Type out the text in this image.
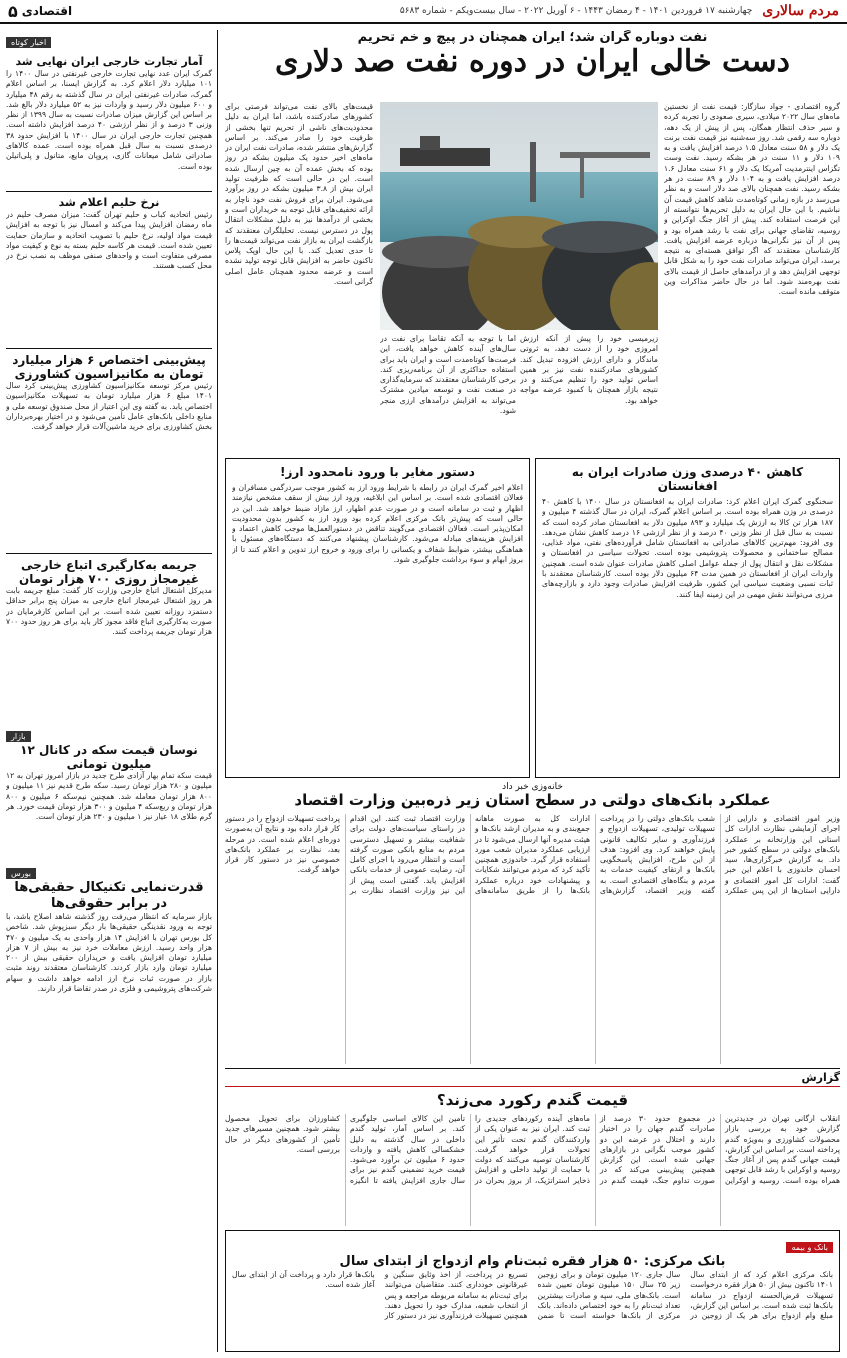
مردم سالاری
چهارشنبه ۱۷ فروردین ۱۴۰۱ - ۴ رمضان ۱۴۴۳ - ۶ آوریل ۲۰۲۲ - سال بیست‌ویکم - شماره ۵۶۸۳
اقتصادی
۵
اخبار کوتاه
آمار تجارت خارجی ایران نهایی شد
گمرک ایران عدد نهایی تجارت خارجی غیرنفتی در سال ۱۴۰۰ را ۱۰۱ میلیارد دلار اعلام کرد. به گزارش ایسنا، بر اساس اعلام گمرک، صادرات غیرنفتی ایران در سال گذشته به رقم ۴۸ میلیارد و ۶۰۰ میلیون دلار رسید و واردات نیز به ۵۲ میلیارد دلار بالغ شد. بر اساس این گزارش میزان صادرات نسبت به سال ۱۳۹۹ از نظر وزنی ۳ درصد و از نظر ارزشی ۴۰ درصد افزایش داشته است. همچنین تجارت خارجی ایران در سال ۱۴۰۰ با افزایش حدود ۳۸ درصدی نسبت به سال قبل همراه بوده است. عمده کالاهای صادراتی شامل میعانات گازی، پروپان مایع، متانول و پلی‌اتیلن بوده است.
نرخ حلیم اعلام شد
رئیس اتحادیه کباب و حلیم تهران گفت: میزان مصرف حلیم در ماه رمضان افزایش پیدا می‌کند و امسال نیز با توجه به افزایش قیمت مواد اولیه، نرخ حلیم با تصویب اتحادیه و سازمان حمایت تعیین شده است. قیمت هر کاسه حلیم بسته به نوع و کیفیت مواد مصرفی متفاوت است و واحدهای صنفی موظف به نصب نرخ در محل کسب هستند.
پیش‌بینی اختصاص ۶ هزار میلیارد تومان به مکانیزاسیون کشاورزی
رئیس مرکز توسعه مکانیزاسیون کشاورزی پیش‌بینی کرد سال ۱۴۰۱ مبلغ ۶ هزار میلیارد تومان به تسهیلات مکانیزاسیون اختصاص یابد. به گفته وی این اعتبار از محل صندوق توسعه ملی و منابع داخلی بانک‌های عامل تأمین می‌شود و در اختیار بهره‌برداران بخش کشاورزی برای خرید ماشین‌آلات قرار خواهد گرفت.
جریمه به‌کارگیری اتباع خارجی غیرمجاز روزی ۷۰۰ هزار تومان
مدیرکل اشتغال اتباع خارجی وزارت کار گفت: مبلغ جریمه بابت هر روز اشتغال غیرمجاز اتباع خارجی به میزان پنج برابر حداقل دستمزد روزانه تعیین شده است. بر این اساس کارفرمایان در صورت به‌کارگیری اتباع فاقد مجوز کار باید برای هر روز حدود ۷۰۰ هزار تومان جریمه پرداخت کنند.
بازار
نوسان قیمت سکه در کانال ۱۲ میلیون تومانی
قیمت سکه تمام بهار آزادی طرح جدید در بازار امروز تهران به ۱۲ میلیون و ۲۸۰ هزار تومان رسید. سکه طرح قدیم نیز ۱۱ میلیون و ۸۰۰ هزار تومان معامله شد. همچنین نیم‌سکه ۶ میلیون و ۸۰۰ هزار تومان و ربع‌سکه ۴ میلیون و ۳۰۰ هزار تومان قیمت خورد. هر گرم طلای ۱۸ عیار نیز ۱ میلیون و ۲۳۰ هزار تومان است.
بورس
قدرت‌نمایی تکنیکال حقیقی‌ها در برابر حقوقی‌ها
بازار سرمایه که انتظار می‌رفت روز گذشته شاهد اصلاح باشد، با توجه به ورود نقدینگی حقیقی‌ها بار دیگر سبزپوش شد. شاخص کل بورس تهران با افزایش ۱۴ هزار واحدی به یک میلیون و ۴۷۰ هزار واحد رسید. ارزش معاملات خرد نیز به بیش از ۷ هزار میلیارد تومان افزایش یافت و خریداران حقیقی بیش از ۲۰۰ میلیارد تومان وارد بازار کردند. کارشناسان معتقدند روند مثبت بازار در صورت ثبات نرخ ارز ادامه خواهد داشت و سهام شرکت‌های پتروشیمی و فلزی در صدر تقاضا قرار دارند.
نفت دوباره گران شد؛ ایران همچنان در پیچ و خم تحریم
دست خالی ایران در دوره نفت صد دلاری
گروه اقتصادی - جواد سازگار: قیمت نفت از نخستین ماه‌های سال ۲۰۲۲ میلادی، سیری صعودی را تجربه کرده و سیر حذف انتظار همگان، پس از پیش از یک دهه، دوباره سه رقمی شد. روز سه‌شنبه نیز قیمت نفت برنت یک دلار و ۵۸ سنت معادل ۱.۵ درصد افزایش یافت و به ۱۰۹ دلار و ۱۱ سنت در هر بشکه رسید. نفت وست تگزاس اینترمدیت آمریکا یک دلار و ۶۱ سنت معادل ۱.۶ درصد افزایش یافت و به ۱۰۴ دلار و ۸۹ سنت در هر بشکه رسید. نفت همچنان بالای صد دلار است و به نظر می‌رسد در بازه زمانی کوتاه‌مدت شاهد کاهش قیمت آن نباشیم. با این حال ایران به دلیل تحریم‌ها نتوانسته از این فرصت استفاده کند. پیش از آغاز جنگ اوکراین و روسیه، تقاضای جهانی برای نفت با رشد همراه بود و پس از آن نیز نگرانی‌ها درباره عرضه افزایش یافت. کارشناسان معتقدند که اگر توافق هسته‌ای به نتیجه برسد، ایران می‌تواند صادرات نفت خود را به شکل قابل توجهی افزایش دهد و از درآمدهای حاصل از قیمت بالای نفت بهره‌مند شود. اما در حال حاضر مذاکرات وین متوقف مانده است.
قیمت‌های بالای نفت می‌تواند فرصتی برای کشورهای صادرکننده باشد، اما ایران به دلیل محدودیت‌های ناشی از تحریم تنها بخشی از ظرفیت خود را صادر می‌کند. بر اساس گزارش‌های منتشر شده، صادرات نفت ایران در ماه‌های اخیر حدود یک میلیون بشکه در روز بوده که بخش عمده آن به چین ارسال شده است. این در حالی است که ظرفیت تولید ایران بیش از ۳.۸ میلیون بشکه در روز برآورد می‌شود. ایران برای فروش نفت خود ناچار به ارائه تخفیف‌های قابل توجه به خریداران است و بخشی از درآمدها نیز به دلیل مشکلات انتقال پول در دسترس نیست. تحلیلگران معتقدند که بازگشت ایران به بازار نفت می‌تواند قیمت‌ها را تا حدی تعدیل کند. با این حال اوپک پلاس تاکنون حاضر به افزایش قابل توجه تولید نشده است و عرضه محدود همچنان عامل اصلی گرانی است.
زیرمیسی خود را پیش از آنکه ارزش امروزی خود را از دست دهد، به ثروتی ماندگار و دارای ارزش افزوده تبدیل کند. کشورهای صادرکننده نفت نیز بر همین اساس تولید خود را تنظیم می‌کنند و در نتیجه بازار همچنان با کمبود عرضه مواجه خواهد بود.
اما با توجه به آنکه تقاضا برای نفت در سال‌های آینده کاهش خواهد یافت، این فرصت‌ها کوتاه‌مدت است و ایران باید برای استفاده حداکثری از آن برنامه‌ریزی کند. برخی کارشناسان معتقدند که سرمایه‌گذاری در صنعت نفت و توسعه میادین مشترک می‌تواند به افزایش درآمدهای ارزی منجر شود.
کاهش ۴۰ درصدی وزن صادرات ایران به افغانستان
سخنگوی گمرک ایران اعلام کرد: صادرات ایران به افغانستان در سال ۱۴۰۰ با کاهش ۴۰ درصدی در وزن همراه بوده است. بر اساس اعلام گمرک، ایران در سال گذشته ۴ میلیون و ۱۸۷ هزار تن کالا به ارزش یک میلیارد و ۸۹۳ میلیون دلار به افغانستان صادر کرده است که نسبت به سال قبل از نظر وزنی ۴۰ درصد و از نظر ارزشی ۱۶ درصد کاهش نشان می‌دهد. وی افزود: مهم‌ترین کالاهای صادراتی به افغانستان شامل فرآورده‌های نفتی، مواد غذایی، مصالح ساختمانی و محصولات پتروشیمی بوده است. تحولات سیاسی در افغانستان و مشکلات نقل و انتقال پول از جمله عوامل اصلی کاهش صادرات عنوان شده است. همچنین واردات ایران از افغانستان در همین مدت ۶۴ میلیون دلار بوده است. کارشناسان معتقدند با ثبات نسبی وضعیت سیاسی این کشور، ظرفیت افزایش صادرات وجود دارد و بازارچه‌های مرزی می‌توانند نقش مهمی در این زمینه ایفا کنند.
دستور مغایر با ورود نامحدود ارز!
اعلام اخیر گمرک ایران در رابطه با شرایط ورود ارز به کشور موجب سردرگمی مسافران و فعالان اقتصادی شده است. بر اساس این ابلاغیه، ورود ارز بیش از سقف مشخص نیازمند اظهار و ثبت در سامانه است و در صورت عدم اظهار، ارز مازاد ضبط خواهد شد. این در حالی است که پیش‌تر بانک مرکزی اعلام کرده بود ورود ارز به کشور بدون محدودیت امکان‌پذیر است. فعالان اقتصادی می‌گویند تناقض در دستورالعمل‌ها موجب کاهش اعتماد و افزایش هزینه‌های مبادله می‌شود. کارشناسان پیشنهاد می‌کنند که دستگاه‌های مسئول با هماهنگی بیشتر، ضوابط شفاف و یکسانی را برای ورود و خروج ارز تدوین و اعلام کنند تا از بروز ابهام و سوء برداشت جلوگیری شود.
خانەوزی خبر داد
عملکرد بانک‌های دولتی در سطح استان زیر ذره‌بین وزارت اقتصاد
وزیر امور اقتصادی و دارایی از اجرای آزمایشی نظارت ادارات کل استانی این وزارتخانه بر عملکرد بانک‌های دولتی در سطح کشور خبر داد. به گزارش خبرگزاری‌ها، سید احسان خاندوزی با اعلام این خبر گفت: ادارات کل امور اقتصادی و دارایی استان‌ها از این پس عملکرد شعب بانک‌های دولتی را در پرداخت تسهیلات تولیدی، تسهیلات ازدواج و فرزندآوری و سایر تکالیف قانونی پایش خواهند کرد. وی افزود: هدف از این طرح، افزایش پاسخگویی بانک‌ها و ارتقای کیفیت خدمات به مردم و بنگاه‌های اقتصادی است. به گفته وزیر اقتصاد، گزارش‌های ادارات کل به صورت ماهانه جمع‌بندی و به مدیران ارشد بانک‌ها و هیئت مدیره آنها ارسال می‌شود تا در ارزیابی عملکرد مدیران شعب مورد استفاده قرار گیرد. خاندوزی همچنین تأکید کرد که مردم می‌توانند شکایات و پیشنهادات خود درباره عملکرد بانک‌ها را از طریق سامانه‌های وزارت اقتصاد ثبت کنند. این اقدام در راستای سیاست‌های دولت برای شفافیت بیشتر و تسهیل دسترسی مردم به منابع بانکی صورت گرفته است و انتظار می‌رود با اجرای کامل آن، رضایت عمومی از خدمات بانکی افزایش یابد. گفتنی است پیش از این نیز وزارت اقتصاد نظارت بر پرداخت تسهیلات ازدواج را در دستور کار قرار داده بود و نتایج آن به‌صورت دوره‌ای اعلام شده است. در مرحله بعد، نظارت بر عملکرد بانک‌های خصوصی نیز در دستور کار قرار خواهد گرفت.
گزارش
قیمت گندم رکورد می‌زند؟
انقلاب ارگانی تهران در جدیدترین گزارش خود به بررسی بازار محصولات کشاورزی و به‌ویژه گندم پرداخته است. بر اساس این گزارش، قیمت جهانی گندم پس از آغاز جنگ روسیه و اوکراین با رشد قابل توجهی همراه بوده است. روسیه و اوکراین در مجموع حدود ۳۰ درصد از صادرات گندم جهان را در اختیار دارند و اختلال در عرضه این دو کشور موجب نگرانی در بازارهای جهانی شده است. این گزارش همچنین پیش‌بینی می‌کند که در صورت تداوم جنگ، قیمت گندم در ماه‌های آینده رکوردهای جدیدی را ثبت کند. ایران نیز به عنوان یکی از واردکنندگان گندم تحت تأثیر این تحولات قرار خواهد گرفت. کارشناسان توصیه می‌کنند که دولت با حمایت از تولید داخلی و افزایش ذخایر استراتژیک، از بروز بحران در تأمین این کالای اساسی جلوگیری کند. بر اساس آمار، تولید گندم داخلی در سال گذشته به دلیل خشکسالی کاهش یافته و واردات حدود ۶ میلیون تن برآورد می‌شود. قیمت خرید تضمینی گندم نیز برای سال جاری افزایش یافته تا انگیزه کشاورزان برای تحویل محصول بیشتر شود. همچنین مسیرهای جدید تأمین از کشورهای دیگر در حال بررسی است.
بانک و بیمه
بانک مرکزی: ۵۰ هزار فقره ثبت‌نام وام ازدواج از ابتدای سال
بانک مرکزی اعلام کرد که از ابتدای سال ۱۴۰۱ تاکنون بیش از ۵۰ هزار فقره درخواست تسهیلات قرض‌الحسنه ازدواج در سامانه بانک‌ها ثبت شده است. بر اساس این گزارش، مبلغ وام ازدواج برای هر یک از زوجین در سال جاری ۱۲۰ میلیون تومان و برای زوجین زیر ۲۵ سال ۱۵۰ میلیون تومان تعیین شده است. بانک‌های ملی، سپه و صادرات بیشترین تعداد ثبت‌نام را به خود اختصاص داده‌اند. بانک مرکزی از بانک‌ها خواسته است تا ضمن تسریع در پرداخت، از اخذ وثایق سنگین و غیرقانونی خودداری کنند. متقاضیان می‌توانند برای ثبت‌نام به سامانه مربوطه مراجعه و پس از انتخاب شعبه، مدارک خود را تحویل دهند. همچنین تسهیلات فرزندآوری نیز در دستور کار بانک‌ها قرار دارد و پرداخت آن از ابتدای سال آغاز شده است.
